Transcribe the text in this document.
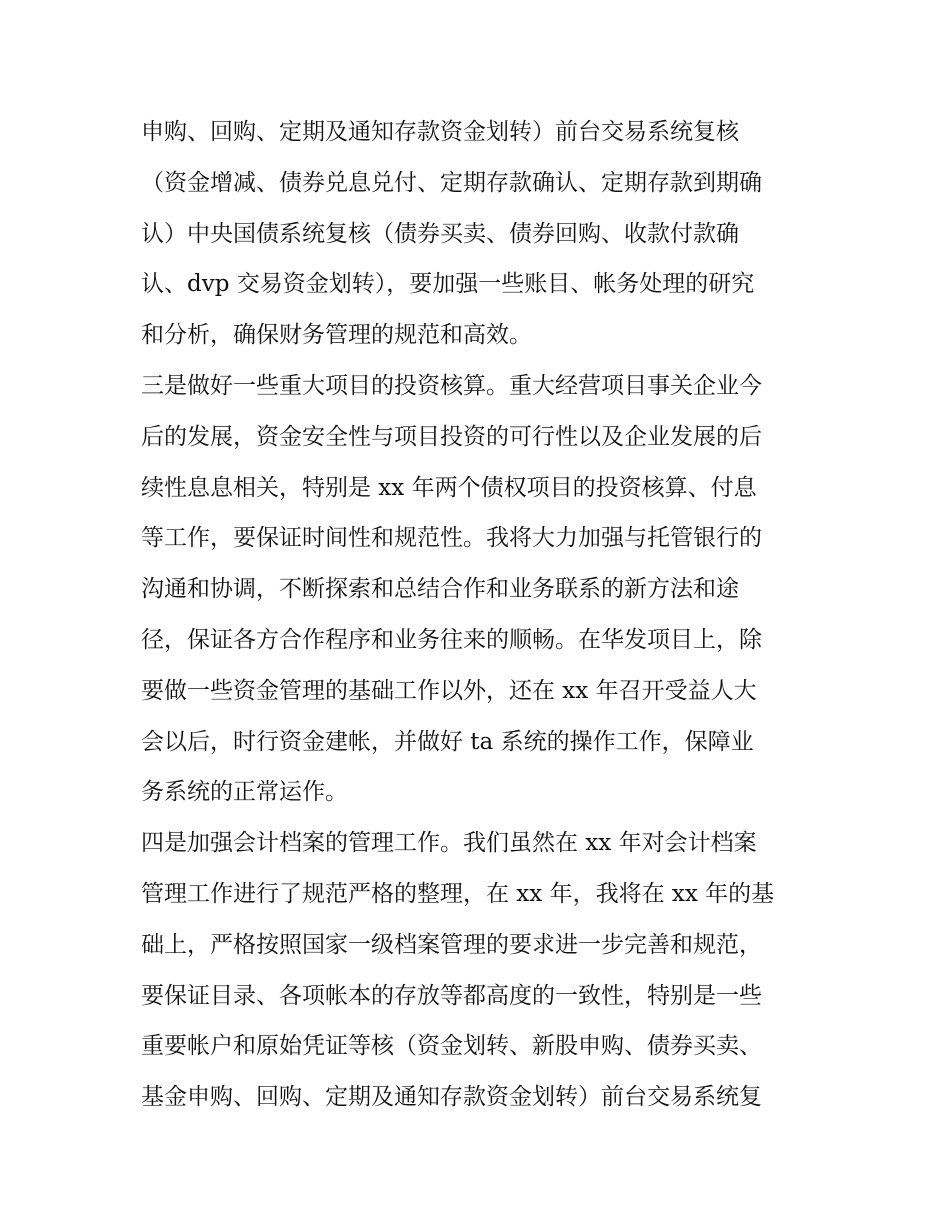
申购、回购、定期及通知存款资金划转）前台交易系统复核
（资金增减、债券兑息兑付、定期存款确认、定期存款到期确
认）中央国债系统复核（债券买卖、债券回购、收款付款确
认、dvp 交易资金划转），要加强一些账目、帐务处理的研究
和分析，确保财务管理的规范和高效。
三是做好一些重大项目的投资核算。重大经营项目事关企业今
后的发展，资金安全性与项目投资的可行性以及企业发展的后
续性息息相关，特别是 xx 年两个债权项目的投资核算、付息
等工作，要保证时间性和规范性。我将大力加强与托管银行的
沟通和协调，不断探索和总结合作和业务联系的新方法和途
径，保证各方合作程序和业务往来的顺畅。在华发项目上，除
要做一些资金管理的基础工作以外，还在 xx 年召开受益人大
会以后，时行资金建帐，并做好 ta 系统的操作工作，保障业
务系统的正常运作。
四是加强会计档案的管理工作。我们虽然在 xx 年对会计档案
管理工作进行了规范严格的整理，在 xx 年，我将在 xx 年的基
础上，严格按照国家一级档案管理的要求进一步完善和规范，
要保证目录、各项帐本的存放等都高度的一致性，特别是一些
重要帐户和原始凭证等核（资金划转、新股申购、债券买卖、
基金申购、回购、定期及通知存款资金划转）前台交易系统复
